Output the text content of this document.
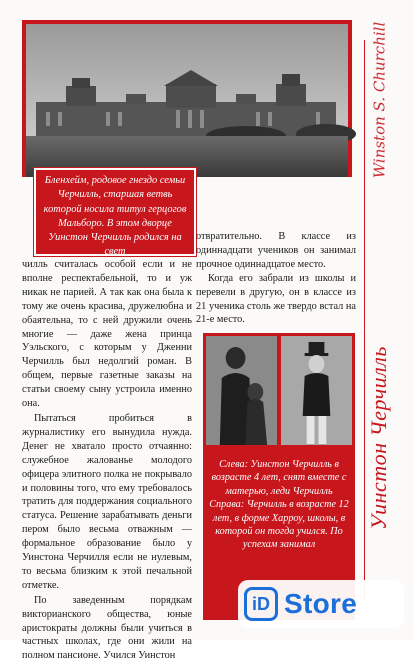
Бленхейм, родовое гнездо семьи Черчилль, старшая ветвь которой носила титул герцогов Мальборо. В этом дворце Уинстон Черчилль родился на свет
Winston S. Churchill
Уинстон Черчилль

чилль считалась особой если и не вполне респектабельной, то и уж никак не парией. А так как она была к тому же очень красива, дружелюбна и обаятельна, то с ней дружили очень многие — даже жена принца Уэльского, с которым у Дженни Черчилль был недолгий роман. В общем, первые газетные заказы на статьи своему сыну устроила именно она.

Пытаться пробиться в журналистику его вынудила нужда. Денег не хватало просто отчаянно: служебное жалованье молодого офицера элитного полка не покрывало и половины того, что ему требовалось тратить для поддержания социального статуса. Решение зарабатывать деньги пером было весьма отважным — формальное образование было у Уинстона Черчилля если не нулевым, то весьма близким к этой печальной отметке.

По заведенным порядкам викторианского общества, юные аристократы должны были учиться в частных школах, где они жили на полном пансионе. Учился Уинстон

отвратительно. В классе из одиннадцати учеников он занимал прочное одиннадцатое место.

Когда его забрали из школы и перевели в другую, он в классе из 21 ученика столь же твердо встал на 21-е место.

Слева: Уинстон Черчилль в возрасте 4 лет, снят вместе с матерью, леди Черчилль

Справа: Черчилль в возрасте 12 лет, в форме Харроу, школы, в которой он тогда учился. По успехам занимал

iD Store
